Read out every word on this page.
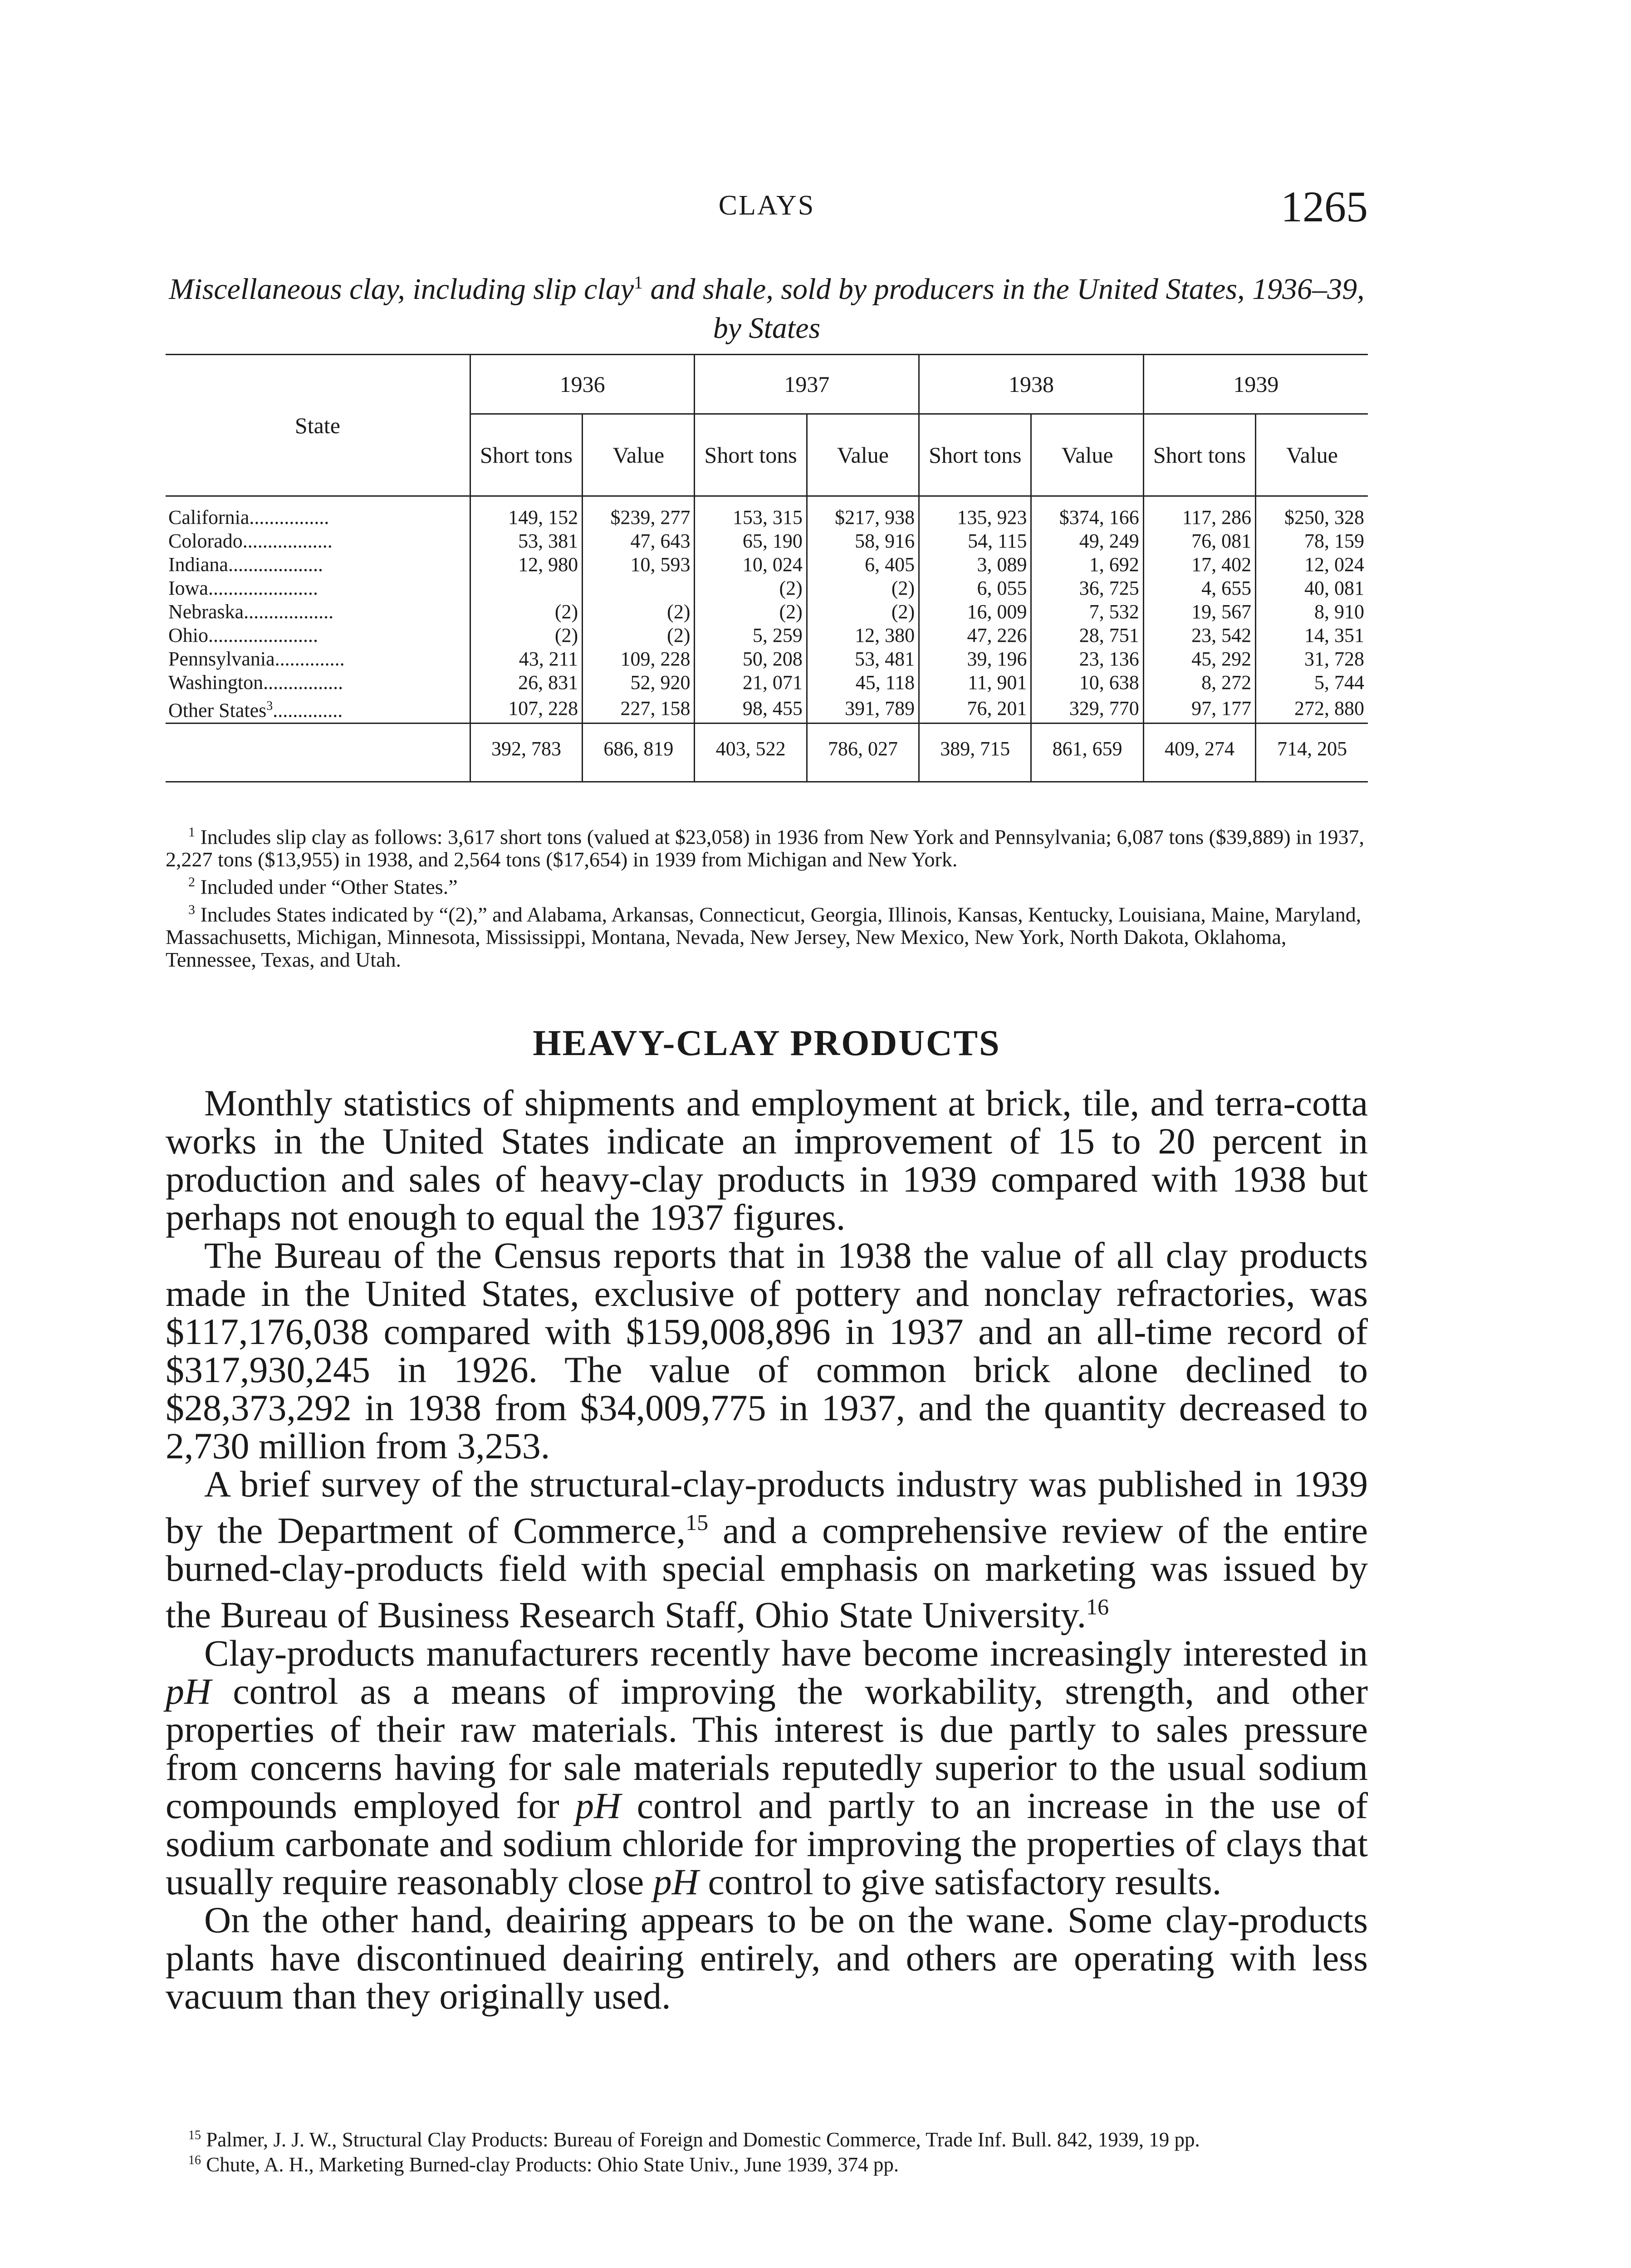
CLAYS	1265
Miscellaneous clay, including slip clay$^1$ and shale, sold by producers in the United States, 1936–39, by States
State	1936		1937		1938		1939	
	Short tons	Value	Short tons	Value	Short tons	Value	Short tons	Value
California................	149, 152	$239, 277	153, 315	$217, 938	135, 923	$374, 166	117, 286	$250, 328
Colorado..................	53, 381	47, 643	65, 190	58, 916	54, 115	49, 249	76, 081	78, 159
Indiana...................	12, 980	10, 593	10, 024	6, 405	3, 089	1, 692	17, 402	12, 024
Iowa......................			(2)	(2)	6, 055	36, 725	4, 655	40, 081
Nebraska..................	(2)	(2)	(2)	(2)	16, 009	7, 532	19, 567	8, 910
Ohio......................	(2)	(2)	5, 259	12, 380	47, 226	28, 751	23, 542	14, 351
Pennsylvania..............	43, 211	109, 228	50, 208	53, 481	39, 196	23, 136	45, 292	31, 728
Washington................	26, 831	52, 920	21, 071	45, 118	11, 901	10, 638	8, 272	5, 744
Other States$^3$..............	107, 228	227, 158	98, 455	391, 789	76, 201	329, 770	97, 177	272, 880
	392, 783	686, 819	403, 522	786, 027	389, 715	861, 659	409, 274	714, 205

$^1$ Includes slip clay as follows: 3,617 short tons (valued at $23,058) in 1936 from New York and Pennsylvania; 6,087 tons ($39,889) in 1937, 2,227 tons ($13,955) in 1938, and 2,564 tons ($17,654) in 1939 from Michigan and New York.

$^2$ Included under “Other States.”

$^3$ Includes States indicated by “(2),” and Alabama, Arkansas, Connecticut, Georgia, Illinois, Kansas, Kentucky, Louisiana, Maine, Maryland, Massachusetts, Michigan, Minnesota, Mississippi, Montana, Nevada, New Jersey, New Mexico, New York, North Dakota, Oklahoma, Tennessee, Texas, and Utah.

HEAVY-CLAY PRODUCTS

Monthly statistics of shipments and employment at brick, tile, and terra-cotta works in the United States indicate an improvement of 15 to 20 percent in production and sales of heavy-clay products in 1939 compared with 1938 but perhaps not enough to equal the 1937 figures.

The Bureau of the Census reports that in 1938 the value of all clay products made in the United States, exclusive of pottery and nonclay refractories, was $117,176,038 compared with $159,008,896 in 1937 and an all-time record of $317,930,245 in 1926. The value of common brick alone declined to $28,373,292 in 1938 from $34,009,775 in 1937, and the quantity decreased to 2,730 million from 3,253.

A brief survey of the structural-clay-products industry was published in 1939 by the Department of Commerce,$^{15}$ and a comprehensive review of the entire burned-clay-products field with special emphasis on marketing was issued by the Bureau of Business Research Staff, Ohio State University.$^{16}$

Clay-products manufacturers recently have become increasingly interested in pH control as a means of improving the workability, strength, and other properties of their raw materials. This interest is due partly to sales pressure from concerns having for sale materials reputedly superior to the usual sodium compounds employed for pH control and partly to an increase in the use of sodium carbonate and sodium chloride for improving the properties of clays that usually require reasonably close pH control to give satisfactory results.

On the other hand, deairing appears to be on the wane. Some clay-products plants have discontinued deairing entirely, and others are operating with less vacuum than they originally used.

$^{15}$ Palmer, J. J. W., Structural Clay Products: Bureau of Foreign and Domestic Commerce, Trade Inf. Bull. 842, 1939, 19 pp.

$^{16}$ Chute, A. H., Marketing Burned-clay Products: Ohio State Univ., June 1939, 374 pp.
